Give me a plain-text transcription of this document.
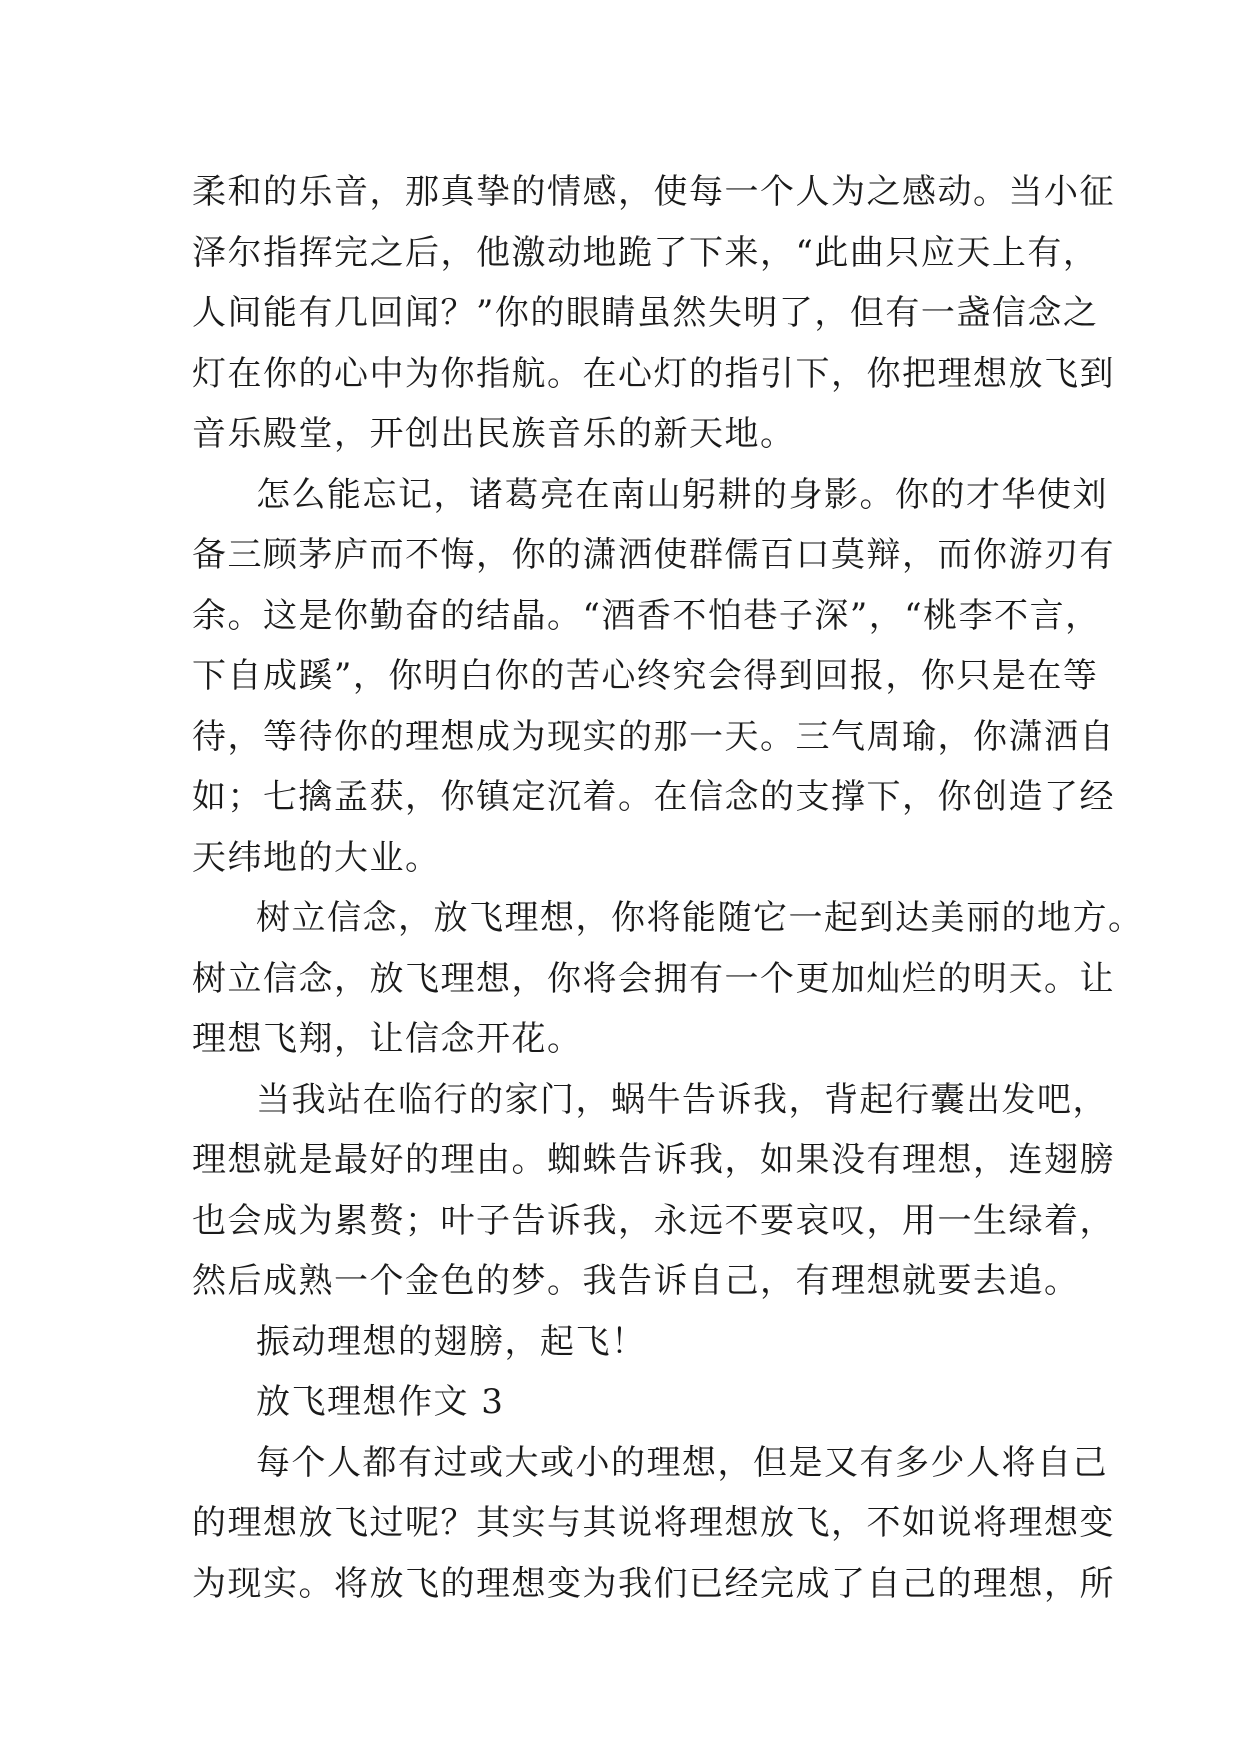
柔和的乐音，那真挚的情感，使每一个人为之感动。当小征
泽尔指挥完之后，他激动地跪了下来，“此曲只应天上有，
人间能有几回闻？”你的眼睛虽然失明了，但有一盏信念之
灯在你的心中为你指航。在心灯的指引下，你把理想放飞到
音乐殿堂，开创出民族音乐的新天地。
怎么能忘记，诸葛亮在南山躬耕的身影。你的才华使刘
备三顾茅庐而不悔，你的潇洒使群儒百口莫辩，而你游刃有
余。这是你勤奋的结晶。“酒香不怕巷子深”，“桃李不言，
下自成蹊”，你明白你的苦心终究会得到回报，你只是在等
待，等待你的理想成为现实的那一天。三气周瑜，你潇洒自
如；七擒孟获，你镇定沉着。在信念的支撑下，你创造了经
天纬地的大业。
树立信念，放飞理想，你将能随它一起到达美丽的地方。
树立信念，放飞理想，你将会拥有一个更加灿烂的明天。让
理想飞翔，让信念开花。
当我站在临行的家门，蜗牛告诉我，背起行囊出发吧，
理想就是最好的理由。蜘蛛告诉我，如果没有理想，连翅膀
也会成为累赘；叶子告诉我，永远不要哀叹，用一生绿着，
然后成熟一个金色的梦。我告诉自己，有理想就要去追。
振动理想的翅膀，起飞！
放飞理想作文 3
每个人都有过或大或小的理想，但是又有多少人将自己
的理想放飞过呢？其实与其说将理想放飞，不如说将理想变
为现实。将放飞的理想变为我们已经完成了自己的理想，所
